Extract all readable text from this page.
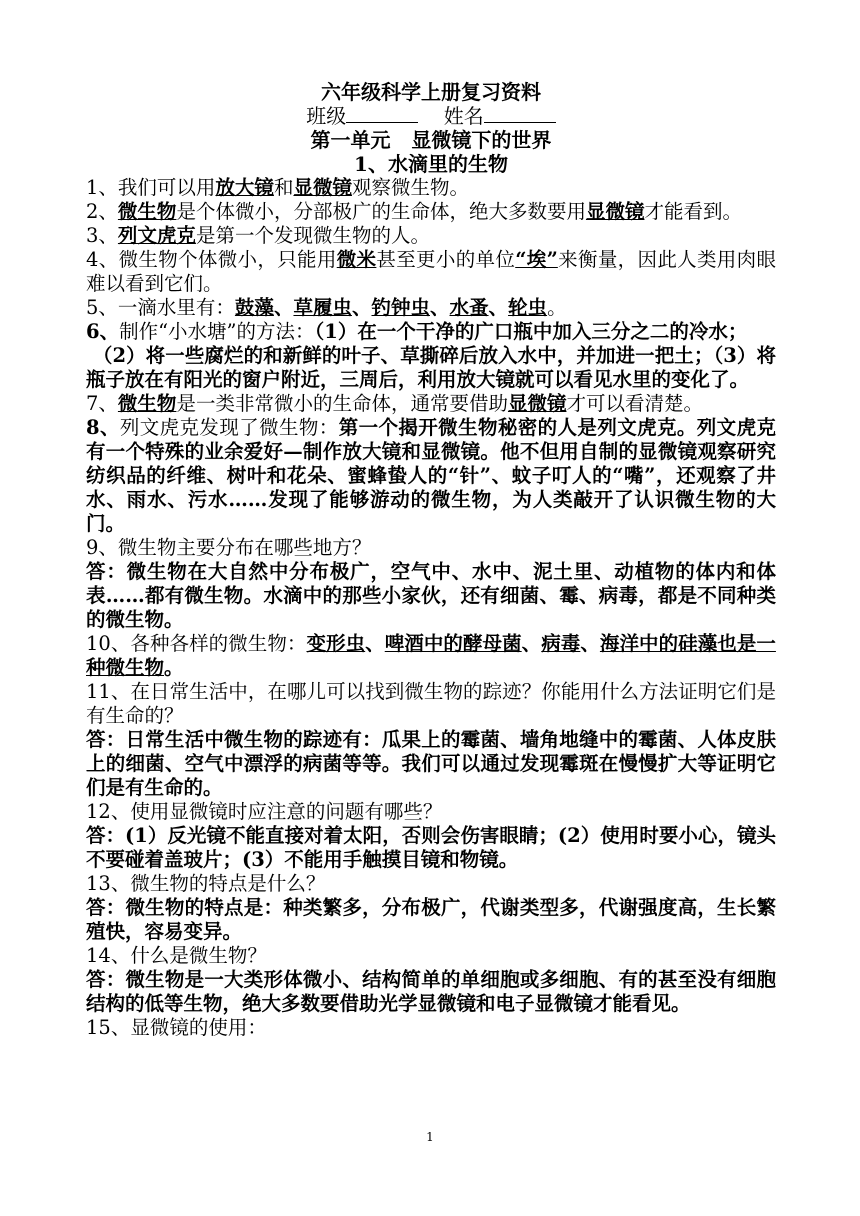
六年级科学上册复习资料
班级	姓名
第一单元   显微镜下的世界
1、水滴里的生物

1、我们可以用放大镜和显微镜观察微生物。

2、微生物是个体微小，分部极广的生命体，绝大多数要用显微镜才能看到。

3、列文虎克是第一个发现微生物的人。

4、微生物个体微小，只能用微米甚至更小的单位“埃”来衡量，因此人类用肉眼难以看到它们。

5、一滴水里有：鼓藻、草履虫、钓钟虫、水蚤、轮虫。

6、制作“小水塘”的方法：（1）在一个干净的广口瓶中加入三分之二的冷水；

（2）将一些腐烂的和新鲜的叶子、草撕碎后放入水中，并加进一把土；（3）将瓶子放在有阳光的窗户附近，三周后，利用放大镜就可以看见水里的变化了。

7、微生物是一类非常微小的生命体，通常要借助显微镜才可以看清楚。

8、列文虎克发现了微生物：第一个揭开微生物秘密的人是列文虎克。列文虎克有一个特殊的业余爱好—制作放大镜和显微镜。他不但用自制的显微镜观察研究纺织品的纤维、树叶和花朵、蜜蜂蛰人的“针”、蚊子叮人的“嘴”，还观察了井水、雨水、污水……发现了能够游动的微生物，为人类敲开了认识微生物的大门。

9、微生物主要分布在哪些地方？

答：微生物在大自然中分布极广，空气中、水中、泥土里、动植物的体内和体表……都有微生物。水滴中的那些小家伙，还有细菌、霉、病毒，都是不同种类的微生物。

10、各种各样的微生物：变形虫、啤酒中的酵母菌、病毒、海洋中的硅藻也是一种微生物。

11、在日常生活中，在哪儿可以找到微生物的踪迹？你能用什么方法证明它们是有生命的？

答：日常生活中微生物的踪迹有：瓜果上的霉菌、墙角地缝中的霉菌、人体皮肤上的细菌、空气中漂浮的病菌等等。我们可以通过发现霉斑在慢慢扩大等证明它们是有生命的。

12、使用显微镜时应注意的问题有哪些？

答：(1）反光镜不能直接对着太阳，否则会伤害眼睛；(2）使用时要小心，镜头不要碰着盖玻片；(3）不能用手触摸目镜和物镜。

13、微生物的特点是什么？

答：微生物的特点是：种类繁多，分布极广，代谢类型多，代谢强度高，生长繁殖快，容易变异。

14、什么是微生物？

答：微生物是一大类形体微小、结构简单的单细胞或多细胞、有的甚至没有细胞结构的低等生物，绝大多数要借助光学显微镜和电子显微镜才能看见。

15、显微镜的使用：

1
